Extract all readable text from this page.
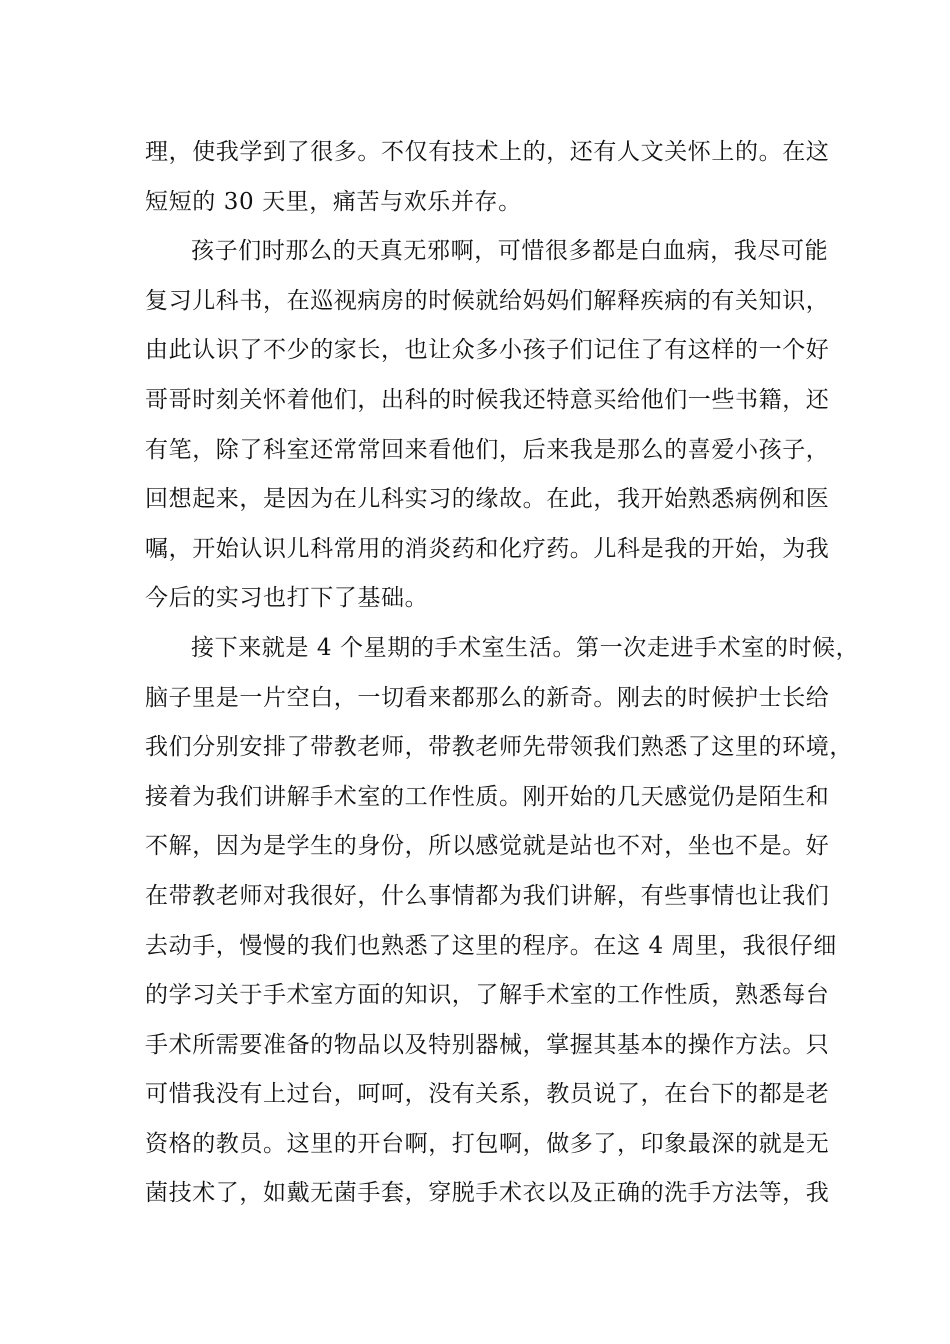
理，使我学到了很多。不仅有技术上的，还有人文关怀上的。在这
短短的 30 天里，痛苦与欢乐并存。
孩子们时那么的天真无邪啊，可惜很多都是白血病，我尽可能
复习儿科书，在巡视病房的时候就给妈妈们解释疾病的有关知识，
由此认识了不少的家长，也让众多小孩子们记住了有这样的一个好
哥哥时刻关怀着他们，出科的时候我还特意买给他们一些书籍，还
有笔，除了科室还常常回来看他们，后来我是那么的喜爱小孩子，
回想起来，是因为在儿科实习的缘故。在此，我开始熟悉病例和医
嘱，开始认识儿科常用的消炎药和化疗药。儿科是我的开始，为我
今后的实习也打下了基础。
接下来就是 4 个星期的手术室生活。第一次走进手术室的时候，
脑子里是一片空白，一切看来都那么的新奇。刚去的时候护士长给
我们分别安排了带教老师，带教老师先带领我们熟悉了这里的环境，
接着为我们讲解手术室的工作性质。刚开始的几天感觉仍是陌生和
不解，因为是学生的身份，所以感觉就是站也不对，坐也不是。好
在带教老师对我很好，什么事情都为我们讲解，有些事情也让我们
去动手，慢慢的我们也熟悉了这里的程序。在这 4 周里，我很仔细
的学习关于手术室方面的知识，了解手术室的工作性质，熟悉每台
手术所需要准备的物品以及特别器械，掌握其基本的操作方法。只
可惜我没有上过台，呵呵，没有关系，教员说了，在台下的都是老
资格的教员。这里的开台啊，打包啊，做多了，印象最深的就是无
菌技术了，如戴无菌手套，穿脱手术衣以及正确的洗手方法等，我
